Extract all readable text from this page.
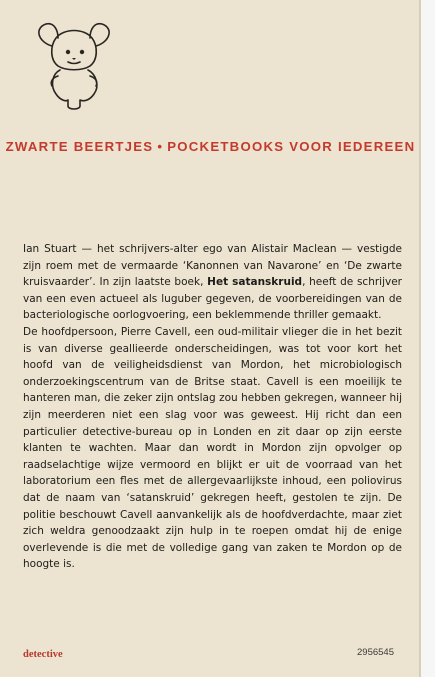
ZWARTE BEERTJES • POCKETBOOKS VOOR IEDEREEN

Ian Stuart — het schrijvers-alter ego van Alistair Maclean — vestigde zijn roem met de vermaarde ‘Kanonnen van Navarone’ en ‘De zwarte kruisvaarder’. In zijn laatste boek, Het satanskruid, heeft de schrijver van een even actueel als luguber gegeven, de voorbereidingen van de bacteriologische oorlogvoering, een beklemmende thriller gemaakt.

De hoofdpersoon, Pierre Cavell, een oud-militair vlieger die in het bezit is van diverse geallieerde onderscheidingen, was tot voor kort het hoofd van de veiligheidsdienst van Mordon, het microbiologisch onderzoekingscentrum van de Britse staat. Cavell is een moeilijk te hanteren man, die zeker zijn ontslag zou hebben gekregen, wanneer hij zijn meerderen niet een slag voor was geweest. Hij richt dan een particulier detective-bureau op in Londen en zit daar op zijn eerste klanten te wachten. Maar dan wordt in Mordon zijn opvolger op raadselachtige wijze vermoord en blijkt er uit de voorraad van het laboratorium een fles met de allergevaarlijkste inhoud, een poliovirus dat de naam van ‘satanskruid’ gekregen heeft, gestolen te zijn. De politie beschouwt Cavell aanvankelijk als de hoofdverdachte, maar ziet zich weldra genoodzaakt zijn hulp in te roepen omdat hij de enige overlevende is die met de volledige gang van zaken te Mordon op de hoogte is.

detective	2956545
